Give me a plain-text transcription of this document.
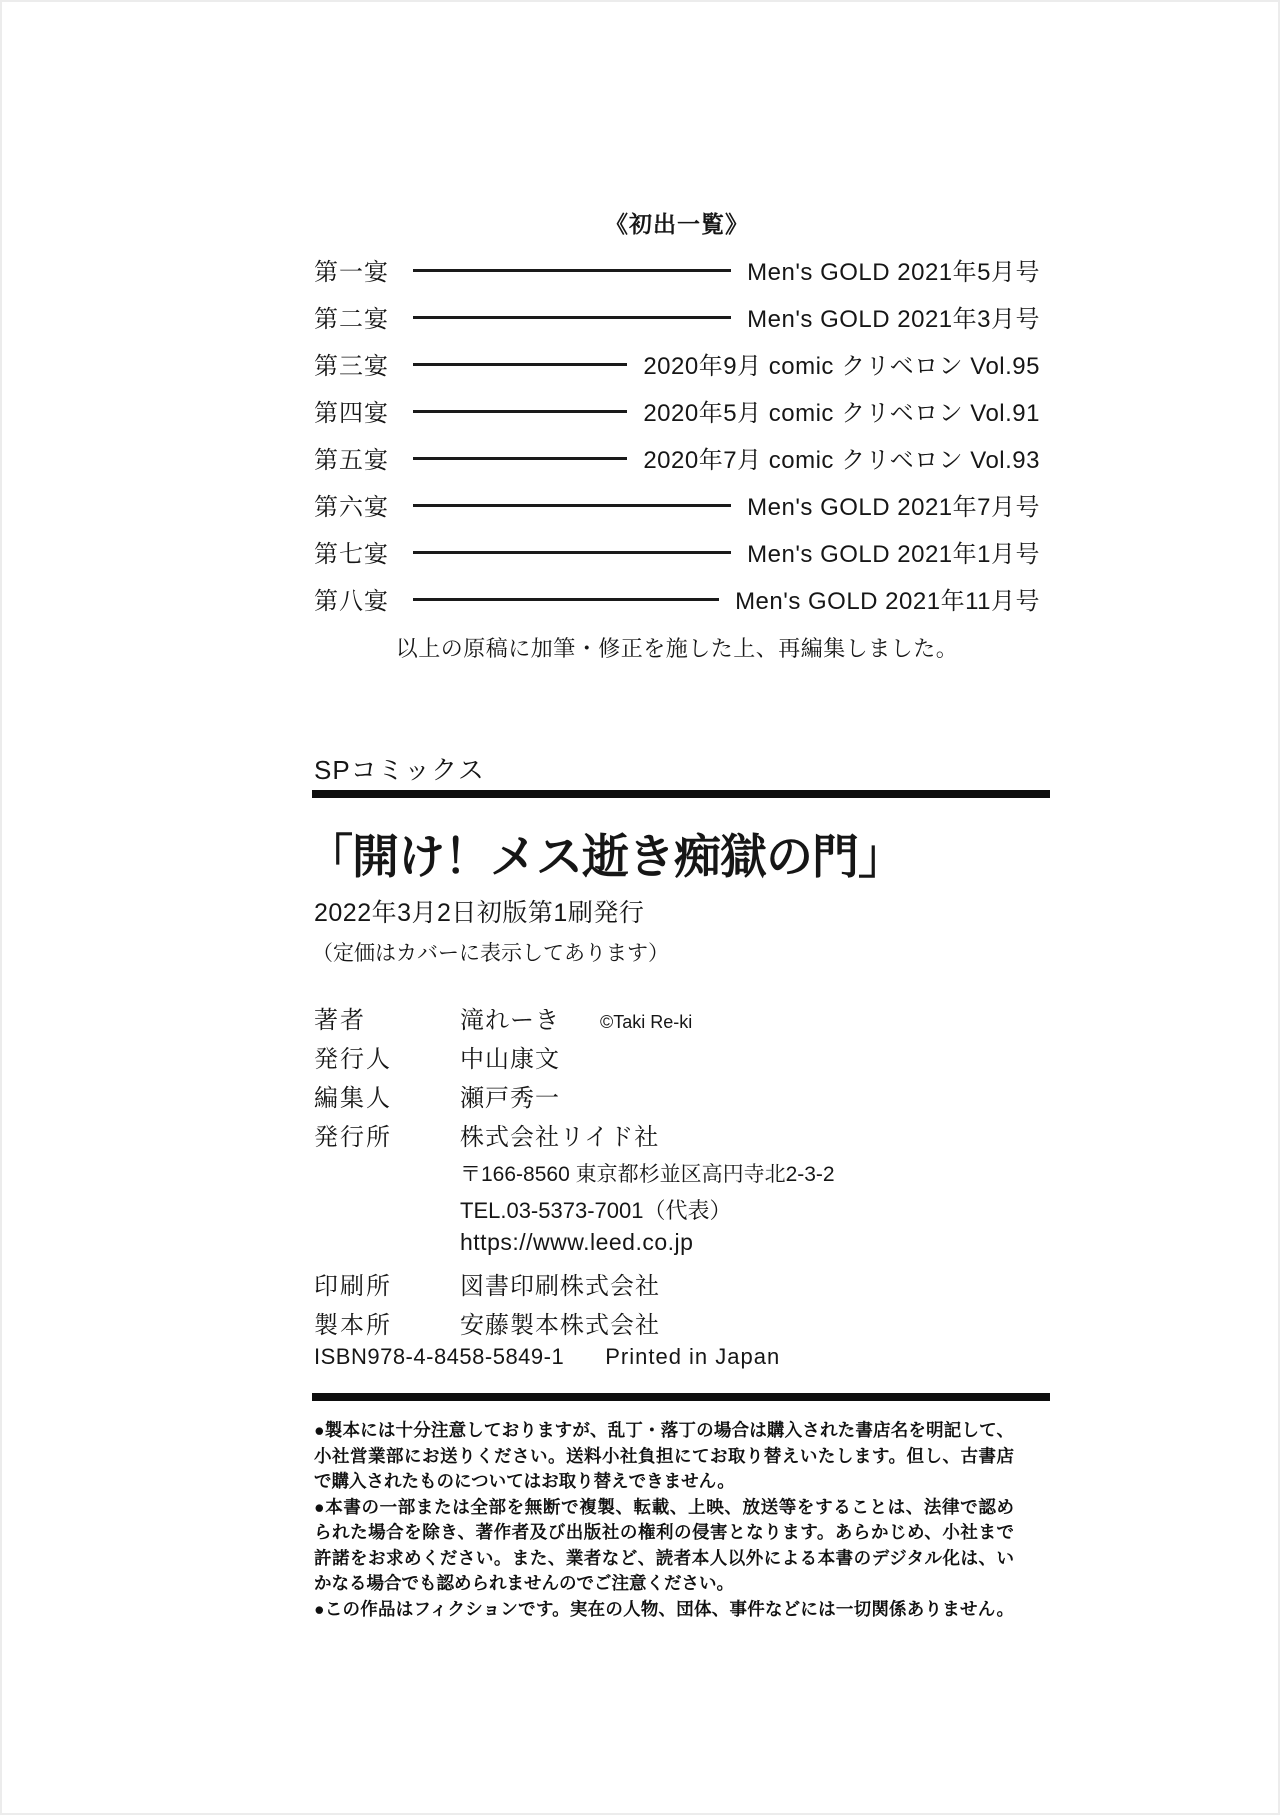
《初出一覧》
第一宴	Men's GOLD 2021年5月号
第二宴	Men's GOLD 2021年3月号
第三宴	2020年9月 comic クリベロン Vol.95
第四宴	2020年5月 comic クリベロン Vol.91
第五宴	2020年7月 comic クリベロン Vol.93
第六宴	Men's GOLD 2021年7月号
第七宴	Men's GOLD 2021年1月号
第八宴	Men's GOLD 2021年11月号
以上の原稿に加筆・修正を施した上、再編集しました。
SPコミックス
「開け！メス逝き痴獄の門」
2022年3月2日初版第1刷発行
（定価はカバーに表示してあります）
著者	滝れーき ©Taki Re-ki
発行人	中山康文
編集人	瀬戸秀一
発行所	株式会社リイド社
〒166-8560 東京都杉並区高円寺北2-3-2
TEL.03-5373-7001（代表）
https://www.leed.co.jp
印刷所	図書印刷株式会社
製本所	安藤製本株式会社
ISBN978-4-8458-5849-1 Printed in Japan
●製本には十分注意しておりますが、乱丁・落丁の場合は購入された書店名を明記して、
小社営業部にお送りください。送料小社負担にてお取り替えいたします。但し、古書店
で購入されたものについてはお取り替えできません。
●本書の一部または全部を無断で複製、転載、上映、放送等をすることは、法律で認め
られた場合を除き、著作者及び出版社の権利の侵害となります。あらかじめ、小社まで
許諾をお求めください。また、業者など、読者本人以外による本書のデジタル化は、い
かなる場合でも認められませんのでご注意ください。
●この作品はフィクションです。実在の人物、団体、事件などには一切関係ありません。
